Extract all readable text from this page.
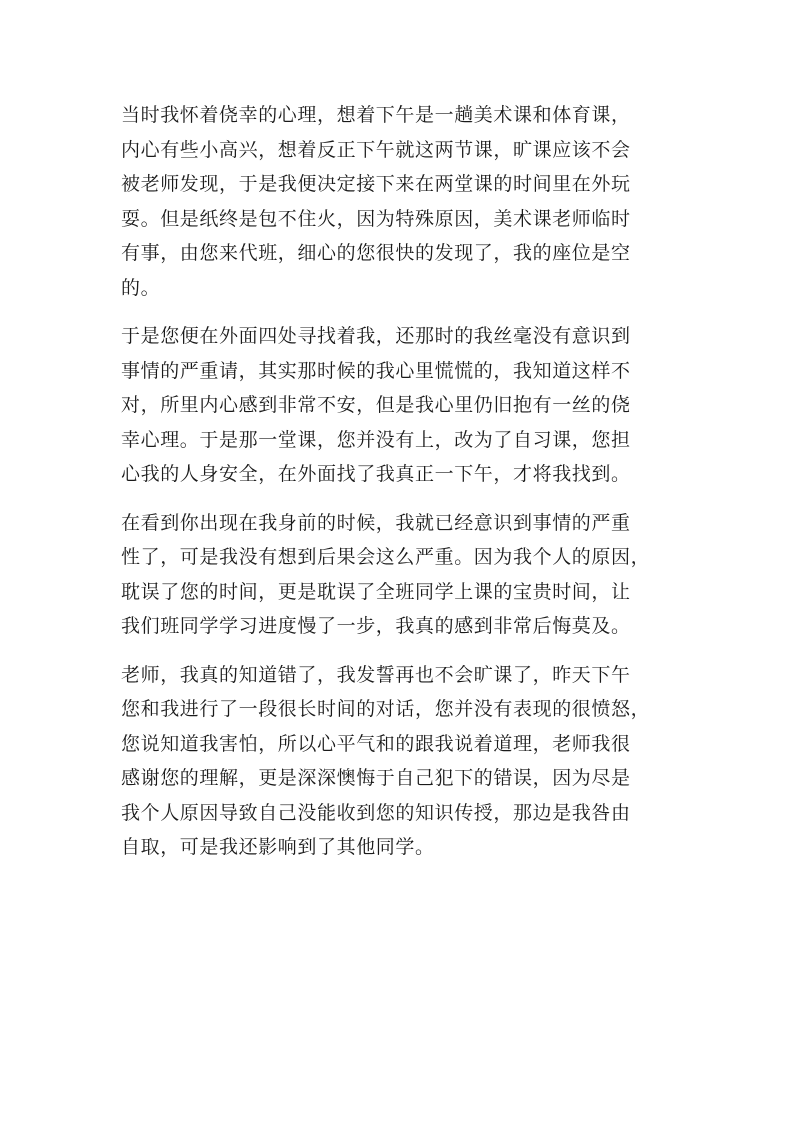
当时我怀着侥幸的心理，想着下午是一趟美术课和体育课，
内心有些小高兴，想着反正下午就这两节课，旷课应该不会
被老师发现，于是我便决定接下来在两堂课的时间里在外玩
耍。但是纸终是包不住火，因为特殊原因，美术课老师临时
有事，由您来代班，细心的您很快的发现了，我的座位是空
的。

于是您便在外面四处寻找着我，还那时的我丝毫没有意识到
事情的严重请，其实那时候的我心里慌慌的，我知道这样不
对，所里内心感到非常不安，但是我心里仍旧抱有一丝的侥
幸心理。于是那一堂课，您并没有上，改为了自习课，您担
心我的人身安全，在外面找了我真正一下午，才将我找到。

在看到你出现在我身前的时候，我就已经意识到事情的严重
性了，可是我没有想到后果会这么严重。因为我个人的原因，
耽误了您的时间，更是耽误了全班同学上课的宝贵时间，让
我们班同学学习进度慢了一步，我真的感到非常后悔莫及。

老师，我真的知道错了，我发誓再也不会旷课了，昨天下午
您和我进行了一段很长时间的对话，您并没有表现的很愤怒，
您说知道我害怕，所以心平气和的跟我说着道理，老师我很
感谢您的理解，更是深深懊悔于自己犯下的错误，因为尽是
我个人原因导致自己没能收到您的知识传授，那边是我咎由
自取，可是我还影响到了其他同学。
